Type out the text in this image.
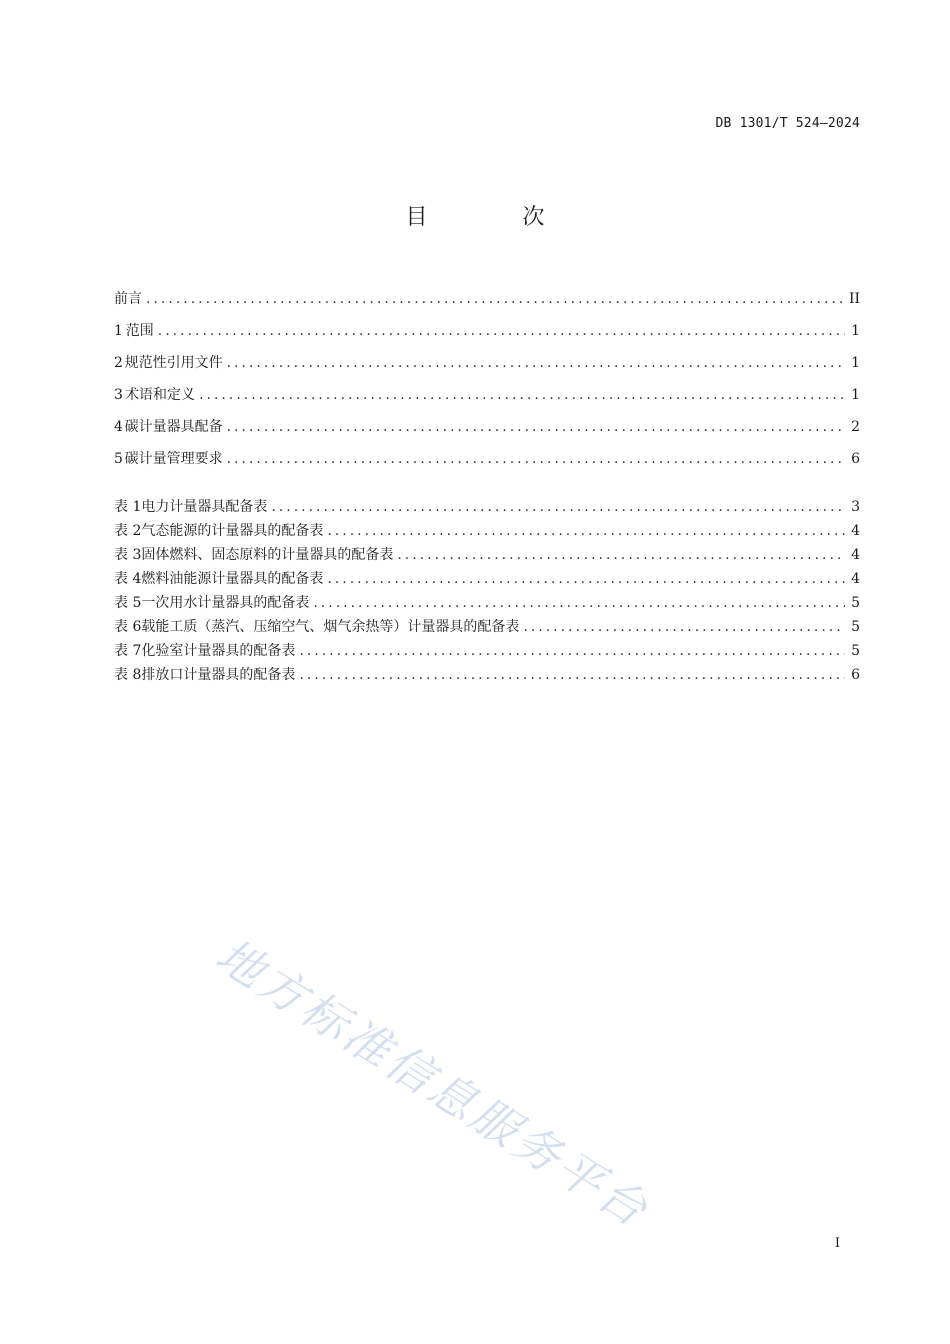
DB 1301/T 524—2024
目 次
前言 .....	II
1 范围 .....	1
2 规范性引用文件 .....	1
3 术语和定义 .....	1
4 碳计量器具配备 .....	2
5 碳计量管理要求 .....	6
表 1 电力计量器具配备表 .....	3
表 2 气态能源的计量器具的配备表 .....	4
表 3 固体燃料、固态原料的计量器具的配备表 .....	4
表 4 燃料油能源计量器具的配备表 .....	4
表 5 一次用水计量器具的配备表 .....	5
表 6 载能工质（蒸汽、压缩空气、烟气余热等）计量器具的配备表 .....	5
表 7 化验室计量器具的配备表 .....	5
表 8 排放口计量器具的配备表 .....	6
地方标准信息服务平台
I
